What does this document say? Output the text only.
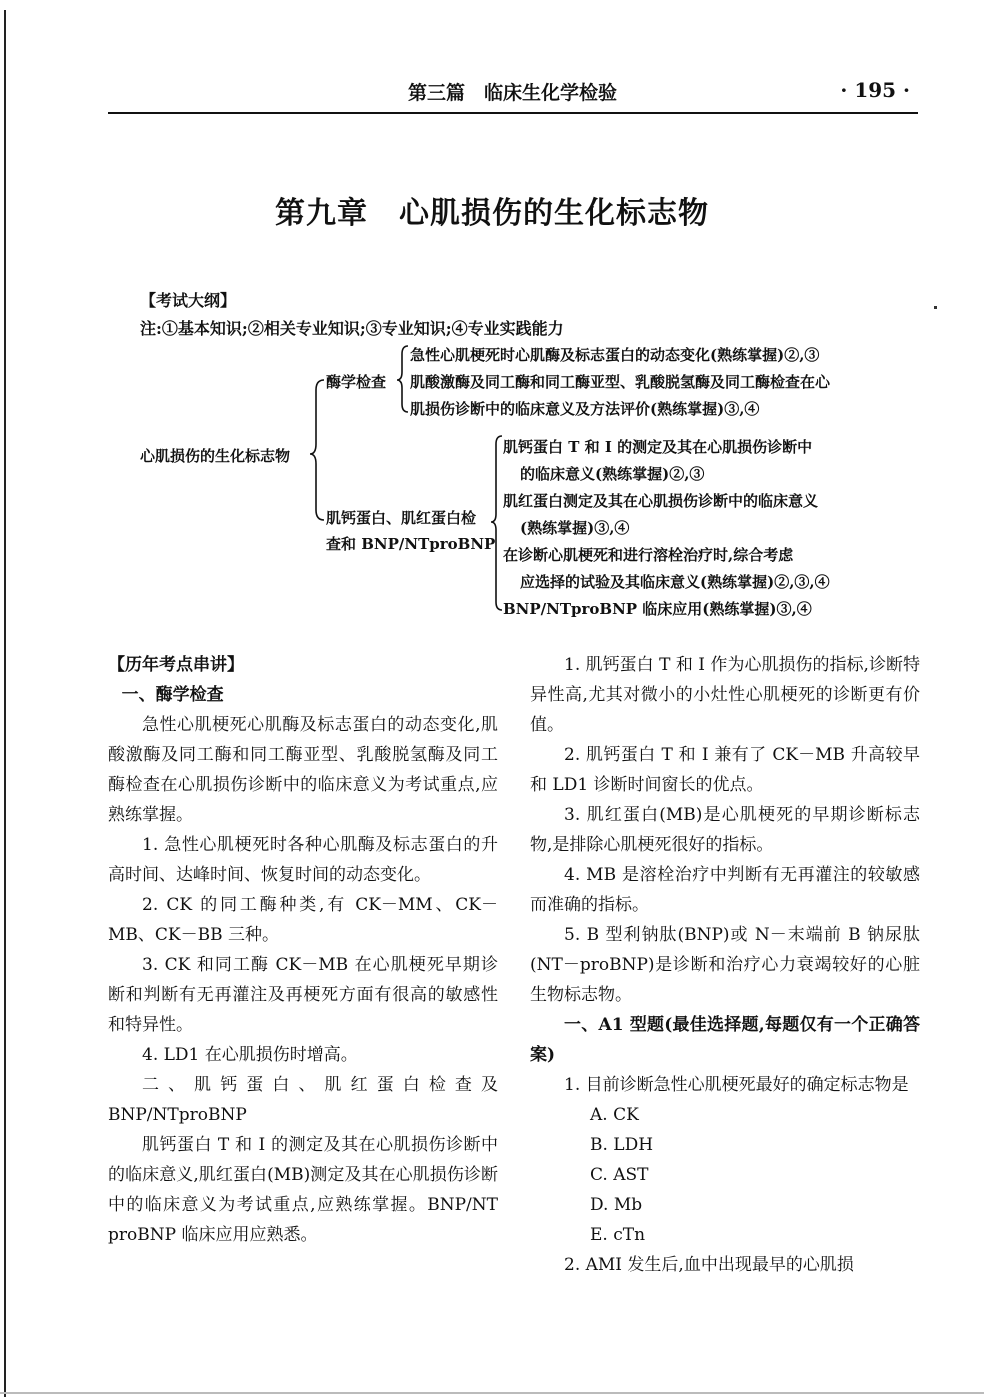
第三篇　临床生化学检验	· 195 ·
第九章　心肌损伤的生化标志物
【考试大纲】
注:①基本知识;②相关专业知识;③专业知识;④专业实践能力
心肌损伤的生化标志物
酶学检查
急性心肌梗死时心肌酶及标志蛋白的动态变化(熟练掌握)②,③
肌酸激酶及同工酶和同工酶亚型、乳酸脱氢酶及同工酶检查在心
肌损伤诊断中的临床意义及方法评价(熟练掌握)③,④
肌钙蛋白、肌红蛋白检
查和 BNP/NTproBNP
肌钙蛋白 T 和 I 的测定及其在心肌损伤诊断中
的临床意义(熟练掌握)②,③
肌红蛋白测定及其在心肌损伤诊断中的临床意义
(熟练掌握)③,④
在诊断心肌梗死和进行溶栓治疗时,综合考虑
应选择的试验及其临床意义(熟练掌握)②,③,④
BNP/NTproBNP 临床应用(熟练掌握)③,④

【历年考点串讲】

一、酶学检查

急性心肌梗死心肌酶及标志蛋白的动态变化,肌酸激酶及同工酶和同工酶亚型、乳酸脱氢酶及同工酶检查在心肌损伤诊断中的临床意义为考试重点,应熟练掌握。

1. 急性心肌梗死时各种心肌酶及标志蛋白的升高时间、达峰时间、恢复时间的动态变化。

2. CK 的同工酶种类,有 CK－MM、CK－MB、CK－BB 三种。

3. CK 和同工酶 CK－MB 在心肌梗死早期诊断和判断有无再灌注及再梗死方面有很高的敏感性和特异性。

4. LD1 在心肌损伤时增高。

二、肌钙蛋白、肌红蛋白检查及 BNP/NTproBNP

肌钙蛋白 T 和 I 的测定及其在心肌损伤诊断中的临床意义,肌红蛋白(MB)测定及其在心肌损伤诊断中的临床意义为考试重点,应熟练掌握。BNP/NT proBNP 临床应用应熟悉。

1. 肌钙蛋白 T 和 I 作为心肌损伤的指标,诊断特异性高,尤其对微小的小灶性心肌梗死的诊断更有价值。

2. 肌钙蛋白 T 和 I 兼有了 CK－MB 升高较早和 LD1 诊断时间窗长的优点。

3. 肌红蛋白(MB)是心肌梗死的早期诊断标志物,是排除心肌梗死很好的指标。

4. MB 是溶栓治疗中判断有无再灌注的较敏感而准确的指标。

5. B 型利钠肽(BNP)或 N－末端前 B 钠尿肽(NT－proBNP)是诊断和治疗心力衰竭较好的心脏生物标志物。

一、A1 型题(最佳选择题,每题仅有一个正确答案)

1. 目前诊断急性心肌梗死最好的确定标志物是

A. CK

B. LDH

C. AST

D. Mb

E. cTn

2. AMI 发生后,血中出现最早的心肌损
